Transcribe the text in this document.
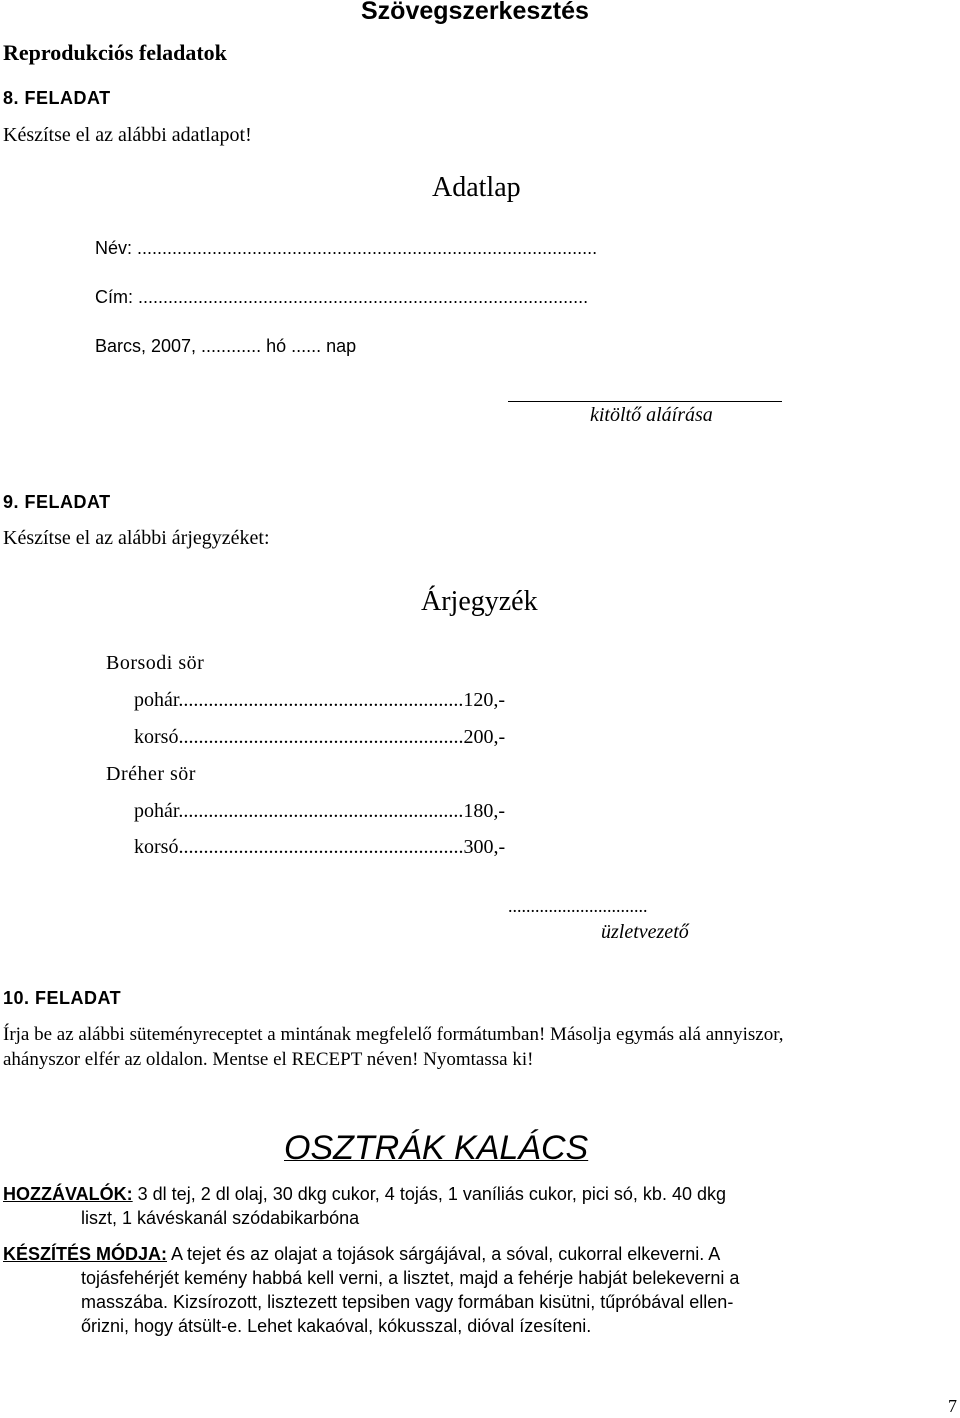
Szövegszerkesztés
Reprodukciós feladatok
8. FELADAT
Készítse el az alábbi adatlapot!
Adatlap
Név: ............................................................................................
Cím: ..........................................................................................
Barcs, 2007, ............ hó ...... nap
kitöltő aláírása
9. FELADAT
Készítse el az alábbi árjegyzéket:
Árjegyzék
Borsodi sör
pohár.........................................................120,-
korsó.........................................................200,-
Dréher sör
pohár.........................................................180,-
korsó.........................................................300,-
...............................
üzletvezető
10. FELADAT
Írja be az alábbi süteményreceptet a mintának megfelelő formátumban! Másolja egymás alá annyiszor,
ahányszor elfér az oldalon. Mentse el RECEPT néven! Nyomtassa ki!
OSZTRÁK KALÁCS
HOZZÁVALÓK: 3 dl tej, 2 dl olaj, 30 dkg cukor, 4 tojás, 1 vaníliás cukor, pici só, kb. 40 dkg
liszt, 1 kávéskanál szódabikarbóna
KÉSZÍTÉS MÓDJA: A tejet és az olajat a tojások sárgájával, a sóval, cukorral elkeverni. A
tojásfehérjét kemény habbá kell verni, a lisztet, majd a fehérje habját belekeverni a
masszába. Kizsírozott, lisztezett tepsiben vagy formában kisütni, tűpróbával ellen-
őrizni, hogy átsült-e. Lehet kakaóval, kókusszal, dióval ízesíteni.
7
